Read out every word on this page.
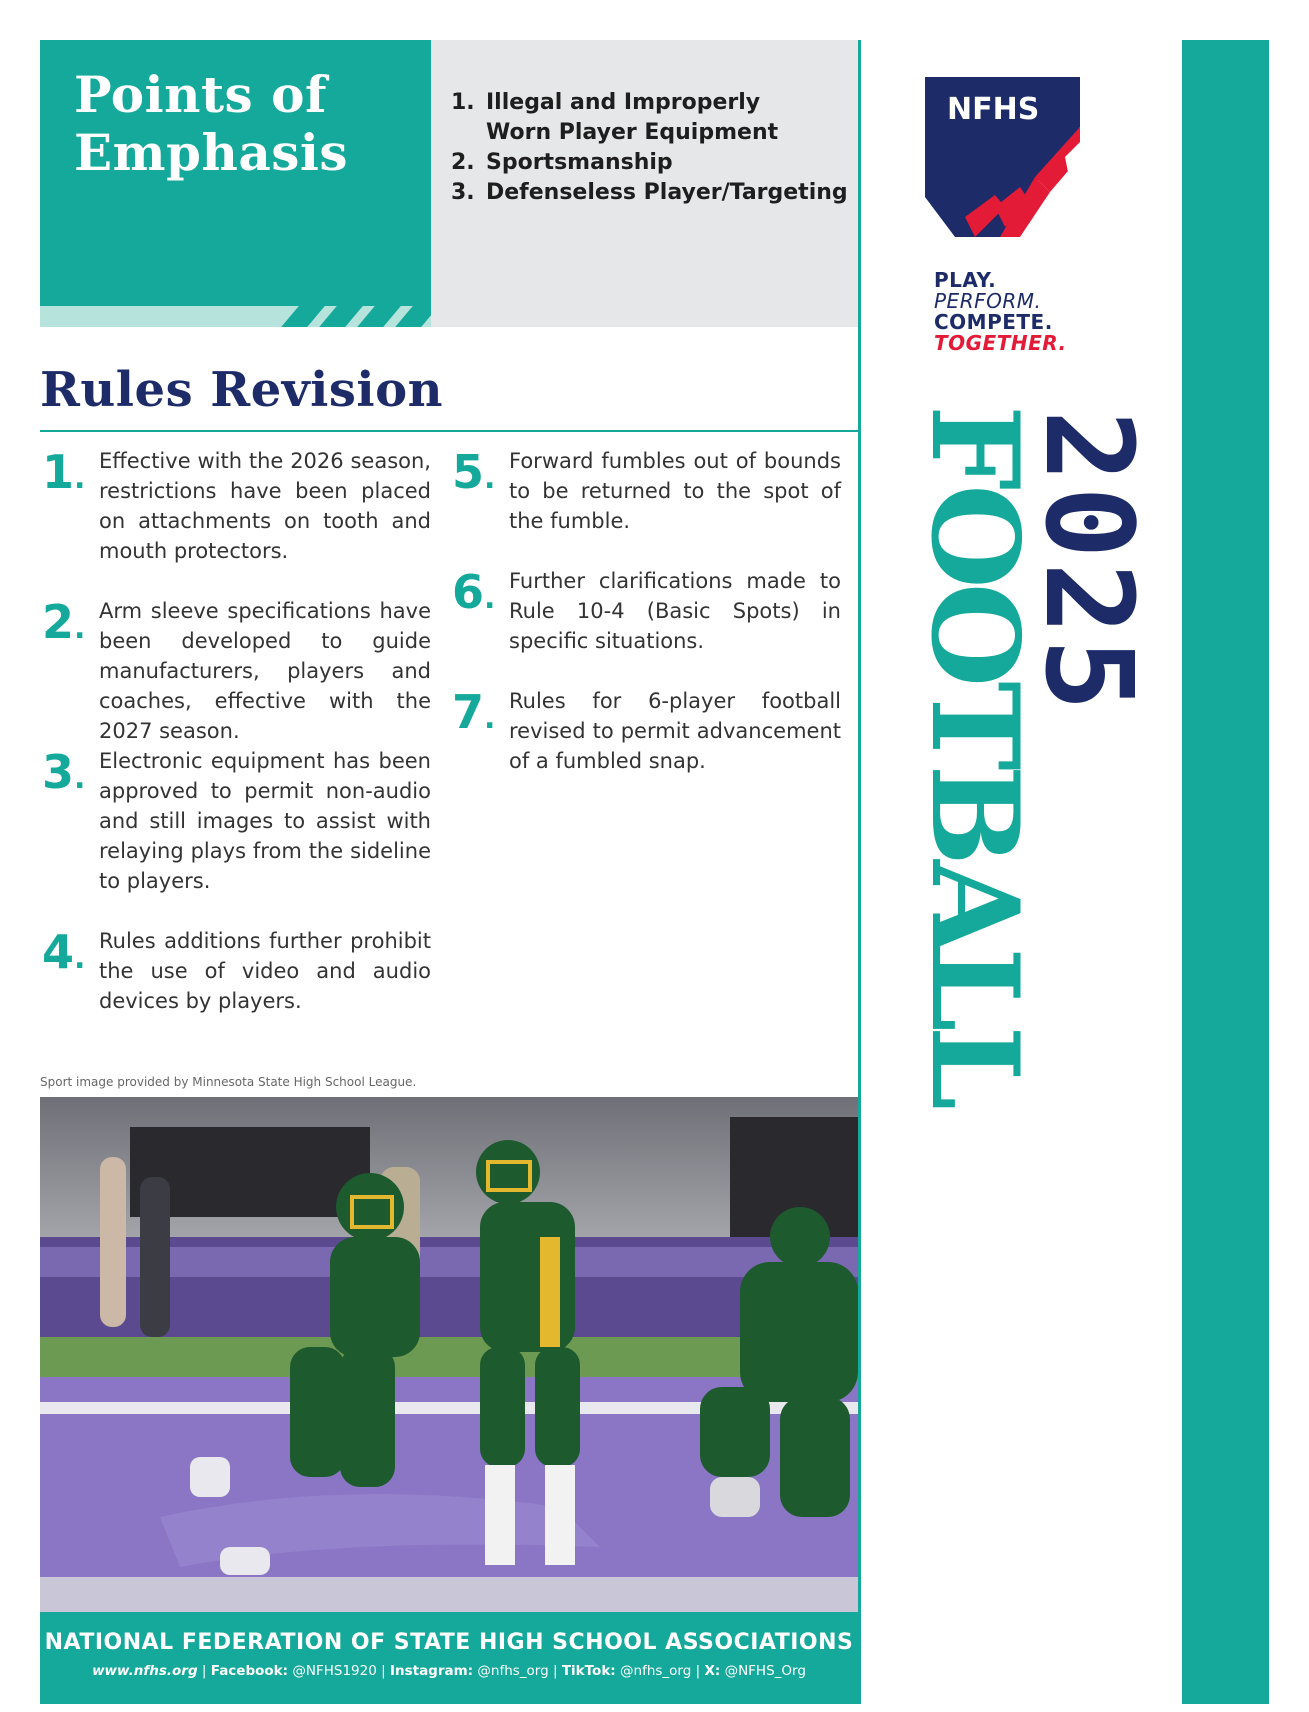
Points of
Emphasis
1. Illegal and Improperly Worn Player Equipment
2. Sportsmanship
3. Defenseless Player/Targeting
Rules Revision
1. Effective with the 2026 season, restrictions have been placed on attachments on tooth and mouth protectors.
2. Arm sleeve specifications have been developed to guide manufacturers, players and coaches, effective with the 2027 season.
3. Electronic equipment has been approved to permit non-audio and still images to assist with relaying plays from the sideline to players.
4. Rules additions further prohibit the use of video and audio devices by players.
5. Forward fumbles out of bounds to be returned to the spot of the fumble.
6. Further clarifications made to Rule 10-4 (Basic Spots) in specific situations.
7. Rules for 6-player football revised to permit advancement of a fumbled snap.
Sport image provided by Minnesota State High School League.
NATIONAL FEDERATION OF STATE HIGH SCHOOL ASSOCIATIONS
www.nfhs.org | Facebook: @NFHS1920 | Instagram: @nfhs_org | TikTok: @nfhs_org | X: @NFHS_Org
NFHS
PLAY.
PERFORM.
COMPETE.
TOGETHER.
2025
FOOTBALL
